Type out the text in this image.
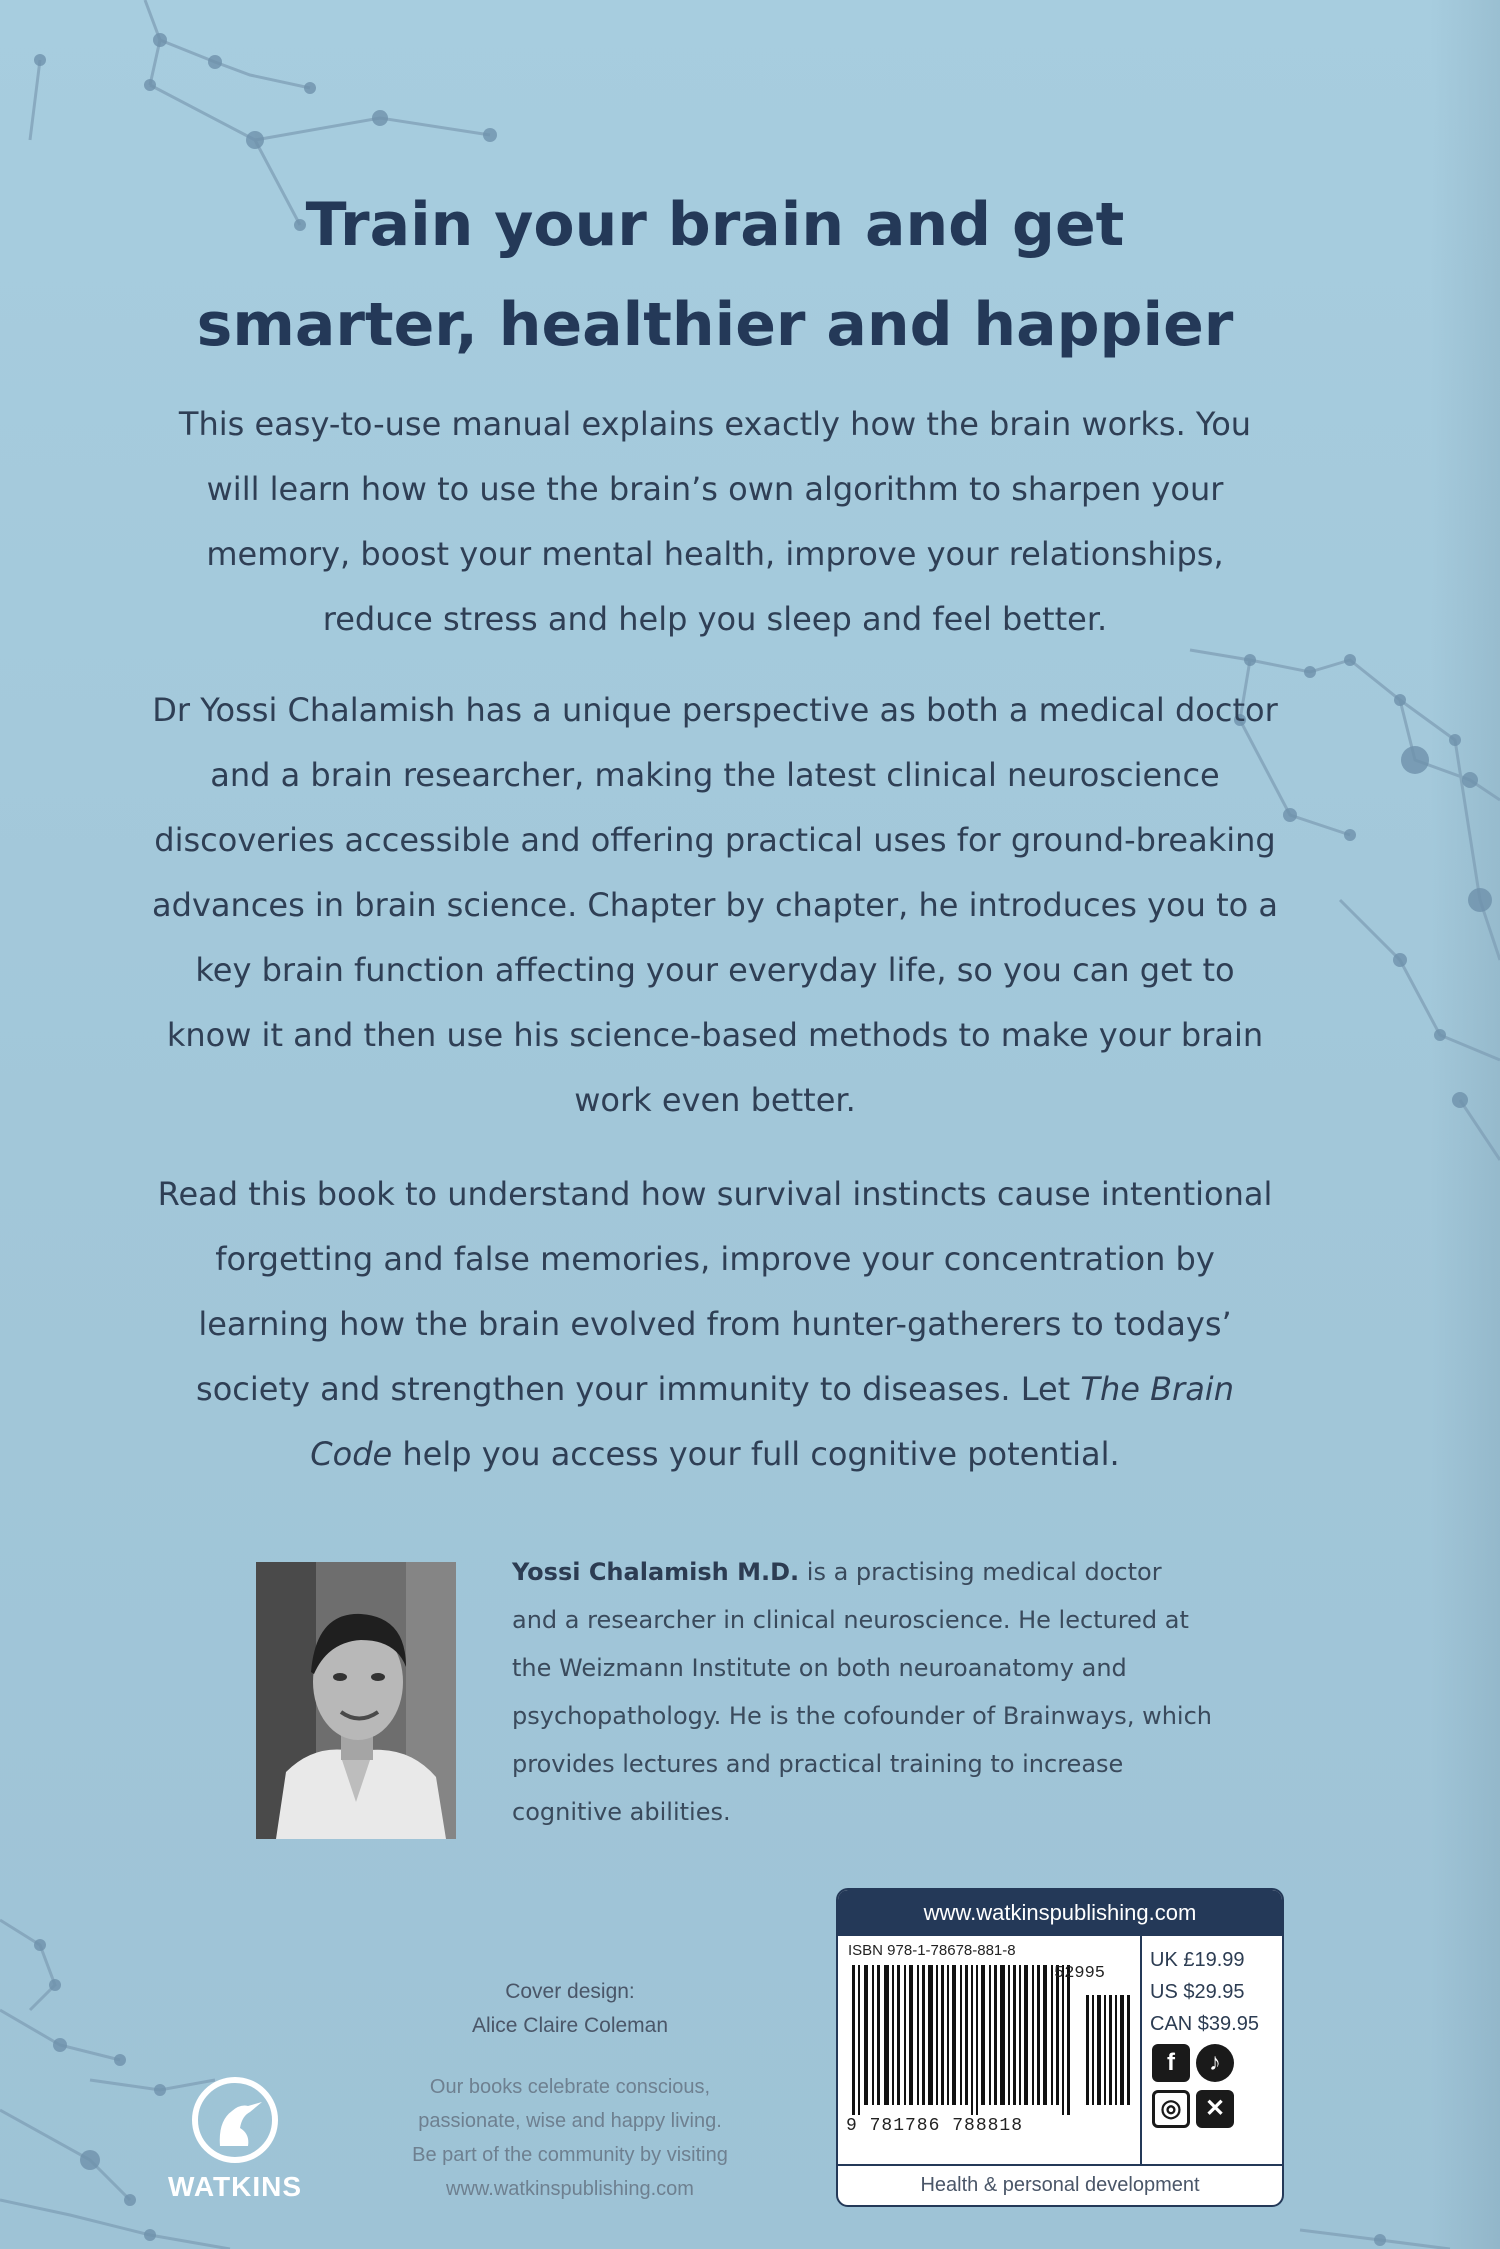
Train your brain and get
smarter, healthier and happier

This easy-to-use manual explains exactly how the brain works. You will learn how to use the brain’s own algorithm to sharpen your memory, boost your mental health, improve your relationships, reduce stress and help you sleep and feel better.

Dr Yossi Chalamish has a unique perspective as both a medical doctor and a brain researcher, making the latest clinical neuroscience discoveries accessible and offering practical uses for ground-breaking advances in brain science. Chapter by chapter, he introduces you to a key brain function affecting your everyday life, so you can get to know it and then use his science-based methods to make your brain work even better.

Read this book to understand how survival instincts cause intentional forgetting and false memories, improve your concentration by learning how the brain evolved from hunter-gatherers to todays’ society and strengthen your immunity to diseases. Let The Brain Code help you access your full cognitive potential.

Yossi Chalamish M.D. is a practising medical doctor and a researcher in clinical neuroscience. He lectured at the Weizmann Institute on both neuroanatomy and psychopathology. He is the cofounder of Brainways, which provides lectures and practical training to increase cognitive abilities.

Cover design:
Alice Claire Coleman
Our books celebrate conscious,
passionate, wise and happy living.
Be part of the community by visiting
www.watkinspublishing.com
WATKINS
www.watkinspublishing.com
ISBN 978-1-78678-881-8
52995
9 781786 788818
UK £19.99
US $29.95
CAN $39.95
f ♪
◎ ✕
Health & personal development
